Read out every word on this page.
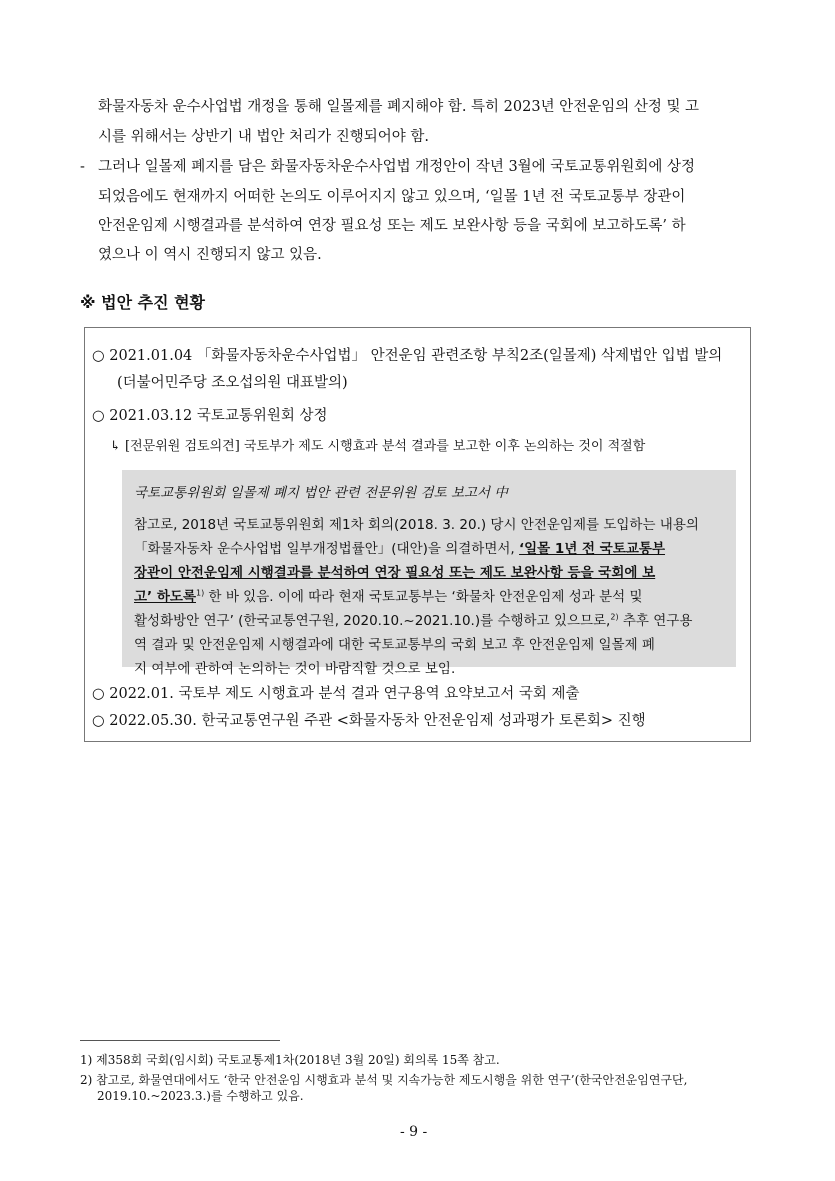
화물자동차 운수사업법 개정을 통해 일몰제를 폐지해야 함. 특히 2023년 안전운임의 산정 및 고
시를 위해서는 상반기 내 법안 처리가 진행되어야 함.
- 그러나 일몰제 폐지를 담은 화물자동차운수사업법 개정안이 작년 3월에 국토교통위원회에 상정
되었음에도 현재까지 어떠한 논의도 이루어지지 않고 있으며, ‘일몰 1년 전 국토교통부 장관이
안전운임제 시행결과를 분석하여 연장 필요성 또는 제도 보완사항 등을 국회에 보고하도록’ 하
였으나 이 역시 진행되지 않고 있음.
※ 법안 추진 현황
○ 2021.01.04 「화물자동차운수사업법」 안전운임 관련조항 부칙2조(일몰제) 삭제법안 입법 발의
(더불어민주당 조오섭의원 대표발의)
○ 2021.03.12 국토교통위원회 상정
↳ [전문위원 검토의견] 국토부가 제도 시행효과 분석 결과를 보고한 이후 논의하는 것이 적절함
국토교통위원회 일몰제 폐지 법안 관련 전문위원 검토 보고서 中
참고로, 2018년 국토교통위원회 제1차 회의(2018. 3. 20.) 당시 안전운임제를 도입하는 내용의
「화물자동차 운수사업법 일부개정법률안」(대안)을 의결하면서, ‘일몰 1년 전 국토교통부
장관이 안전운임제 시행결과를 분석하여 연장 필요성 또는 제도 보완사항 등을 국회에 보
고’ 하도록$^{1)}$ 한 바 있음. 이에 따라 현재 국토교통부는 ‘화물차 안전운임제 성과 분석 및
활성화방안 연구’ (한국교통연구원, 2020.10.~2021.10.)를 수행하고 있으므로,$^{2)}$ 추후 연구용
역 결과 및 안전운임제 시행결과에 대한 국토교통부의 국회 보고 후 안전운임제 일몰제 폐
지 여부에 관하여 논의하는 것이 바람직할 것으로 보임.
○ 2022.01. 국토부 제도 시행효과 분석 결과 연구용역 요약보고서 국회 제출
○ 2022.05.30. 한국교통연구원 주관 <화물자동차 안전운임제 성과평가 토론회> 진행
1) 제358회 국회(임시회) 국토교통제1차(2018년 3월 20일) 회의록 15쪽 참고.
2) 참고로, 화물연대에서도 ‘한국 안전운임 시행효과 분석 및 지속가능한 제도시행을 위한 연구’(한국안전운임연구단,
2019.10.~2023.3.)를 수행하고 있음.
- 9 -
